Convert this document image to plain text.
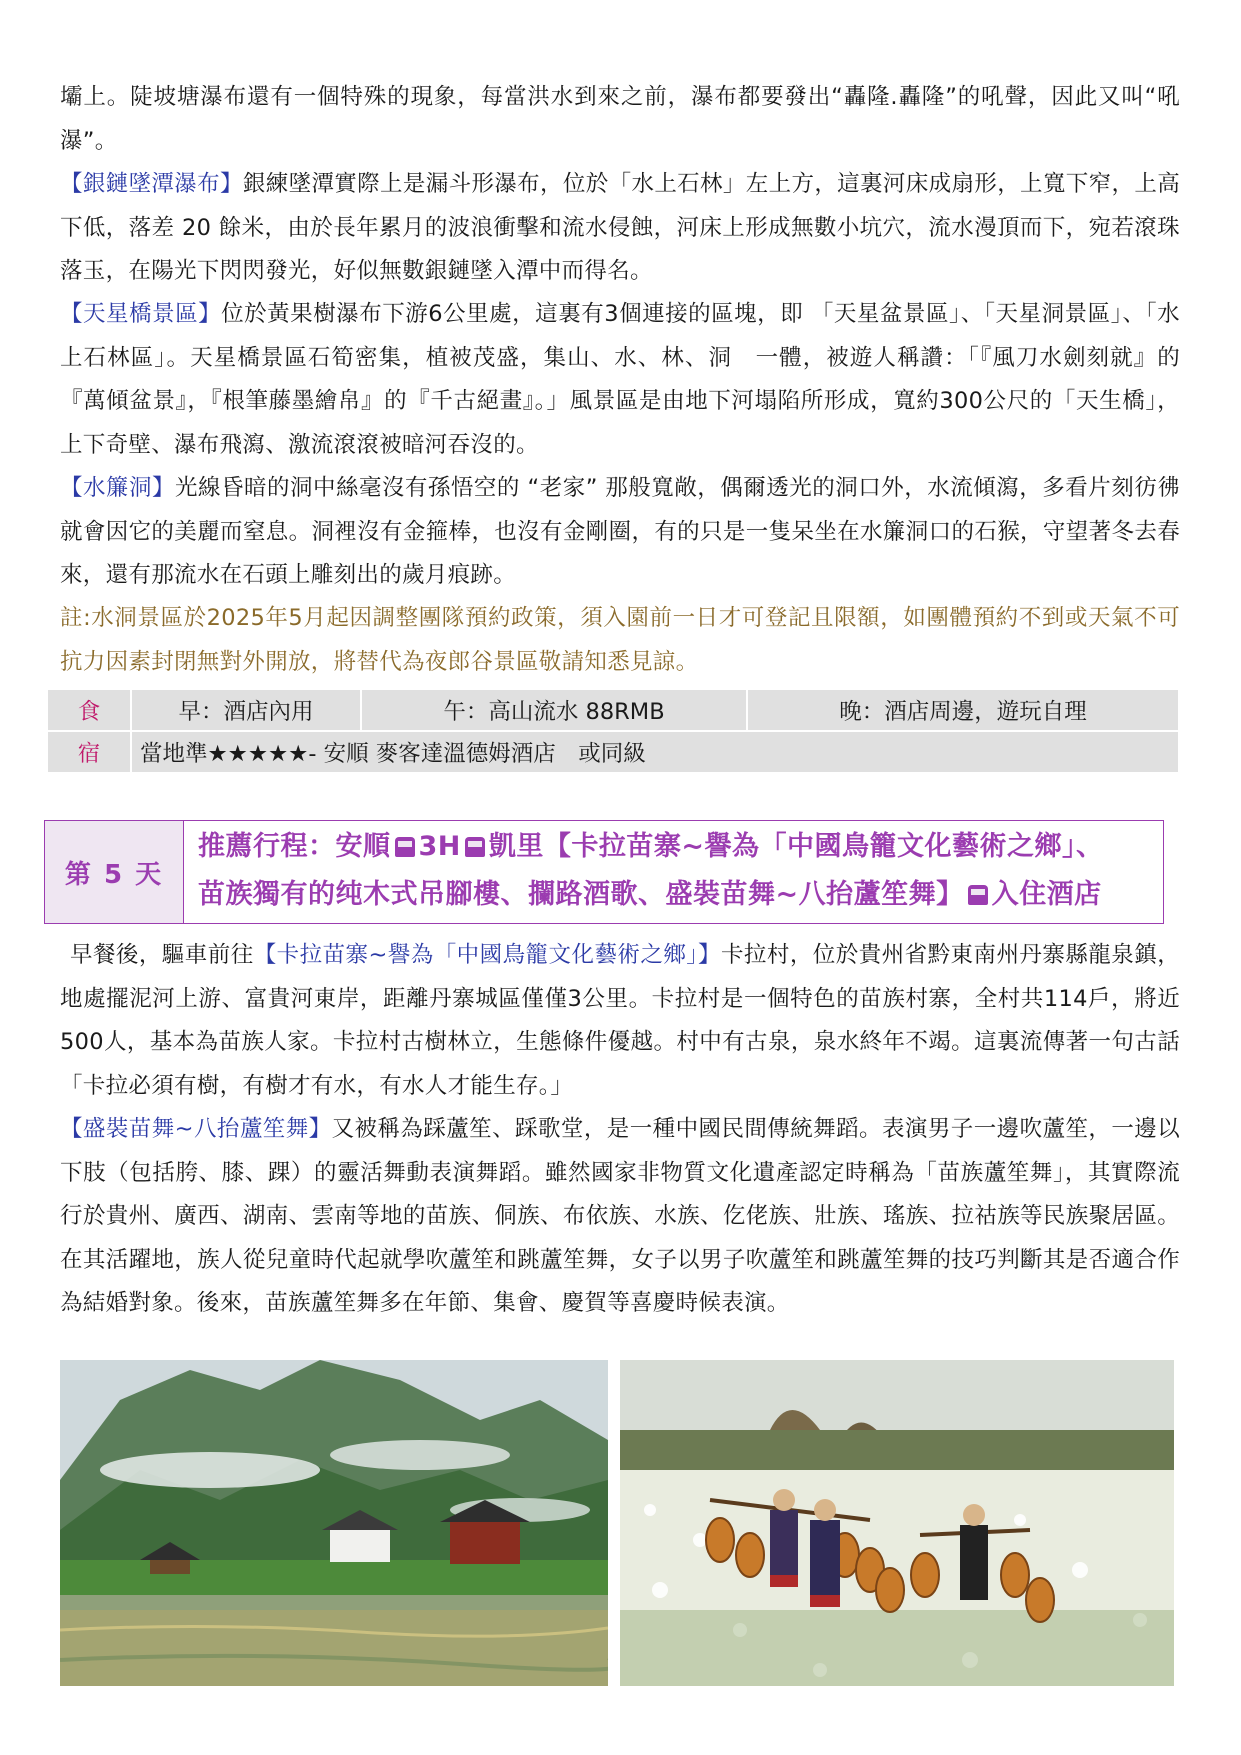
壩上。陡坡塘瀑布還有一個特殊的現象，每當洪水到來之前，瀑布都要發出“轟隆.轟隆”的吼聲，因此又叫“吼瀑”。

【銀鏈墜潭瀑布】銀練墜潭實際上是漏斗形瀑布，位於「水上石林」左上方，這裏河床成扇形，上寬下窄，上高下低，落差 20 餘米，由於長年累月的波浪衝擊和流水侵蝕，河床上形成無數小坑穴，流水漫頂而下，宛若滾珠落玉，在陽光下閃閃發光，好似無數銀鏈墜入潭中而得名。

【天星橋景區】位於黃果樹瀑布下游6公里處，這裏有3個連接的區塊，即 「天星盆景區」、「天星洞景區」、「水上石林區」。天星橋景區石筍密集，植被茂盛，集山、水、林、洞　一體，被遊人稱讚：「『風刀水劍刻就』的『萬傾盆景』，『根筆藤墨繪帛』的『千古絕畫』。」風景區是由地下河塌陷所形成，寬約300公尺的「天生橋」，上下奇壁、瀑布飛瀉、激流滾滾被暗河吞沒的。

【水簾洞】光線昏暗的洞中絲毫沒有孫悟空的 “老家” 那般寬敞，偶爾透光的洞口外，水流傾瀉，多看片刻彷彿就會因它的美麗而窒息。洞裡沒有金箍棒，也沒有金剛圈，有的只是一隻呆坐在水簾洞口的石猴，守望著冬去春來，還有那流水在石頭上雕刻出的歲月痕跡。

註:水洞景區於2025年5月起因調整團隊預約政策，須入園前一日才可登記且限額，如團體預約不到或天氣不可抗力因素封閉無對外開放，將替代為夜郎谷景區敬請知悉見諒。

食	早：酒店內用	午：高山流水 88RMB	晚：酒店周邊，遊玩自理
宿	當地準★★★★★- 安順 麥客達溫德姆酒店　或同級		
第 5 天
推薦行程：安順 3H 凱里【卡拉苗寨~譽為「中國鳥籠文化藝術之鄉」、
苗族獨有的纯木式吊腳樓、攔路酒歌、盛裝苗舞~八抬蘆笙舞】 入住酒店

早餐後，驅車前往【卡拉苗寨~譽為「中國鳥籠文化藝術之鄉」】卡拉村，位於貴州省黔東南州丹寨縣龍泉鎮，地處擺泥河上游、富貴河東岸，距離丹寨城區僅僅3公里。卡拉村是一個特色的苗族村寨，全村共114戶，將近500人，基本為苗族人家。卡拉村古樹林立，生態條件優越。村中有古泉，泉水終年不竭。這裏流傳著一句古話「卡拉必須有樹，有樹才有水，有水人才能生存。」

【盛裝苗舞~八抬蘆笙舞】又被稱為踩蘆笙、踩歌堂，是一種中國民間傳統舞蹈。表演男子一邊吹蘆笙，一邊以下肢（包括胯、膝、踝）的靈活舞動表演舞蹈。雖然國家非物質文化遺產認定時稱為「苗族蘆笙舞」，其實際流行於貴州、廣西、湖南、雲南等地的苗族、侗族、布依族、水族、仡佬族、壯族、瑤族、拉祜族等民族聚居區。在其活躍地，族人從兒童時代起就學吹蘆笙和跳蘆笙舞，女子以男子吹蘆笙和跳蘆笙舞的技巧判斷其是否適合作為結婚對象。後來，苗族蘆笙舞多在年節、集會、慶賀等喜慶時候表演。
